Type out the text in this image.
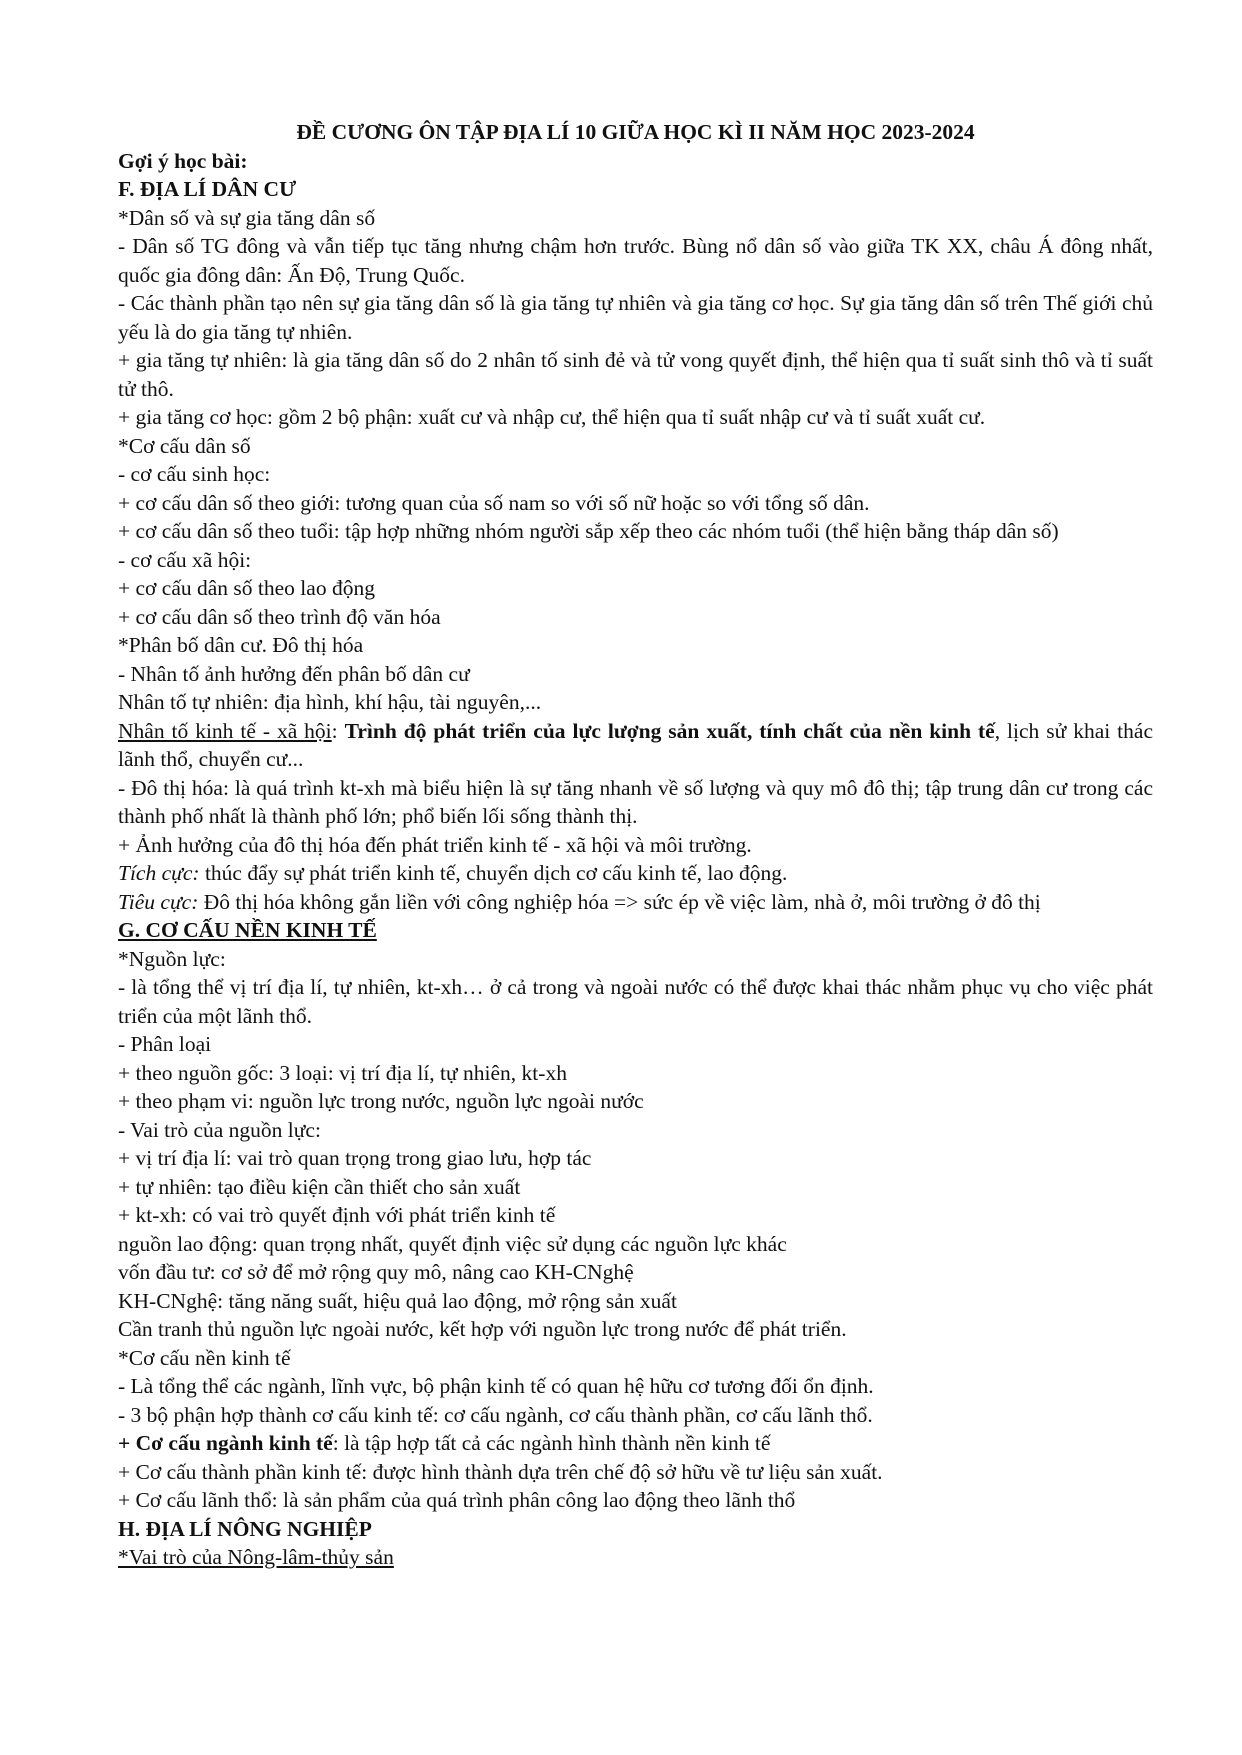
ĐỀ CƯƠNG ÔN TẬP ĐỊA LÍ 10 GIỮA HỌC KÌ II NĂM HỌC 2023-2024

Gợi ý học bài:

F. ĐỊA LÍ DÂN CƯ

*Dân số và sự gia tăng dân số

- Dân số TG đông và vẫn tiếp tục tăng nhưng chậm hơn trước. Bùng nổ dân số vào giữa TK XX, châu Á đông nhất, quốc gia đông dân: Ấn Độ, Trung Quốc.

- Các thành phần tạo nên sự gia tăng dân số là gia tăng tự nhiên và gia tăng cơ học. Sự gia tăng dân số trên Thế giới chủ yếu là do gia tăng tự nhiên.

+ gia tăng tự nhiên: là gia tăng dân số do 2 nhân tố sinh đẻ và tử vong quyết định, thể hiện qua tỉ suất sinh thô và tỉ suất tử thô.

+ gia tăng cơ học: gồm 2 bộ phận: xuất cư và nhập cư, thể hiện qua tỉ suất nhập cư và tỉ suất xuất cư.

*Cơ cấu dân số

- cơ cấu sinh học:

+ cơ cấu dân số theo giới: tương quan của số nam so với số nữ hoặc so với tổng số dân.

+ cơ cấu dân số theo tuổi: tập hợp những nhóm người sắp xếp theo các nhóm tuổi (thể hiện bằng tháp dân số)

- cơ cấu xã hội:

+ cơ cấu dân số theo lao động

+ cơ cấu dân số theo trình độ văn hóa

*Phân bố dân cư. Đô thị hóa

- Nhân tố ảnh hưởng đến phân bố dân cư

Nhân tố tự nhiên: địa hình, khí hậu, tài nguyên,...

Nhân tố kinh tế - xã hội: Trình độ phát triển của lực lượng sản xuất, tính chất của nền kinh tế, lịch sử khai thác lãnh thổ, chuyển cư...

- Đô thị hóa: là quá trình kt-xh mà biểu hiện là sự tăng nhanh về số lượng và quy mô đô thị; tập trung dân cư trong các thành phố nhất là thành phố lớn; phổ biến lối sống thành thị.

+ Ảnh hưởng của đô thị hóa đến phát triển kinh tế - xã hội và môi trường.

Tích cực: thúc đẩy sự phát triển kinh tế, chuyển dịch cơ cấu kinh tế, lao động.

Tiêu cực: Đô thị hóa không gắn liền với công nghiệp hóa => sức ép về việc làm, nhà ở, môi trường ở đô thị

G. CƠ CẤU NỀN KINH TẾ

*Nguồn lực:

- là tổng thể vị trí địa lí, tự nhiên, kt-xh… ở cả trong và ngoài nước có thể được khai thác nhằm phục vụ cho việc phát triển của một lãnh thổ.

- Phân loại

+ theo nguồn gốc: 3 loại: vị trí địa lí, tự nhiên, kt-xh

+ theo phạm vi: nguồn lực trong nước, nguồn lực ngoài nước

- Vai trò của nguồn lực:

+ vị trí địa lí: vai trò quan trọng trong giao lưu, hợp tác

+ tự nhiên: tạo điều kiện cần thiết cho sản xuất

+ kt-xh: có vai trò quyết định với phát triển kinh tế

nguồn lao động: quan trọng nhất, quyết định việc sử dụng các nguồn lực khác

vốn đầu tư: cơ sở để mở rộng quy mô, nâng cao KH-CNghệ

KH-CNghệ: tăng năng suất, hiệu quả lao động, mở rộng sản xuất

Cần tranh thủ nguồn lực ngoài nước, kết hợp với nguồn lực trong nước để phát triển.

*Cơ cấu nền kinh tế

- Là tổng thể các ngành, lĩnh vực, bộ phận kinh tế có quan hệ hữu cơ tương đối ổn định.

- 3 bộ phận hợp thành cơ cấu kinh tế: cơ cấu ngành, cơ cấu thành phần, cơ cấu lãnh thổ.

+ Cơ cấu ngành kinh tế: là tập hợp tất cả các ngành hình thành nền kinh tế

+ Cơ cấu thành phần kinh tế: được hình thành dựa trên chế độ sở hữu về tư liệu sản xuất.

+ Cơ cấu lãnh thổ: là sản phẩm của quá trình phân công lao động theo lãnh thổ

H. ĐỊA LÍ NÔNG NGHIỆP

*Vai trò của Nông-lâm-thủy sản
